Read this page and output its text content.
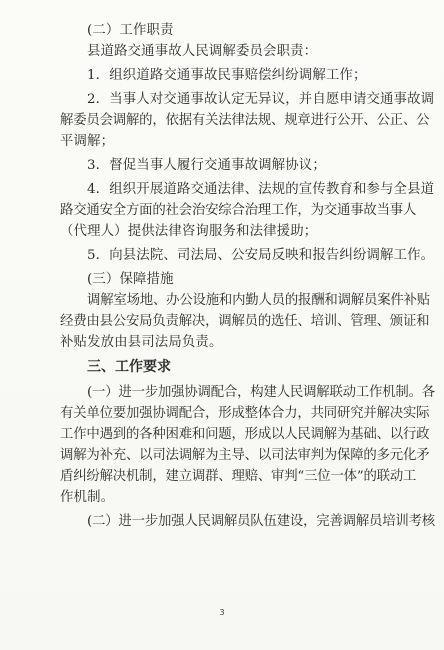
(二）工作职责

县道路交通事故人民调解委员会职责：

1．组织道路交通事故民事赔偿纠纷调解工作；

2．当事人对交通事故认定无异议，并自愿申请交通事故调

解委员会调解的，依据有关法律法规、规章进行公开、公正、公

平调解；

3．督促当事人履行交通事故调解协议；

4．组织开展道路交通法律、法规的宣传教育和参与全县道

路交通安全方面的社会治安综合治理工作，为交通事故当事人

（代理人）提供法律咨询服务和法律援助；

5．向县法院、司法局、公安局反映和报告纠纷调解工作。

(三）保障措施

调解室场地、办公设施和内勤人员的报酬和调解员案件补贴

经费由县公安局负责解决，调解员的选任、培训、管理、颁证和

补贴发放由县司法局负责。

三、工作要求

(一）进一步加强协调配合，构建人民调解联动工作机制。各

有关单位要加强协调配合，形成整体合力，共同研究并解决实际

工作中遇到的各种困难和问题，形成以人民调解为基础、以行政

调解为补充、以司法调解为主导、以司法审判为保障的多元化矛

盾纠纷解决机制，建立调群、理赔、审判“三位一体”的联动工

作机制。

(二）进一步加强人民调解员队伍建设，完善调解员培训考核

3
